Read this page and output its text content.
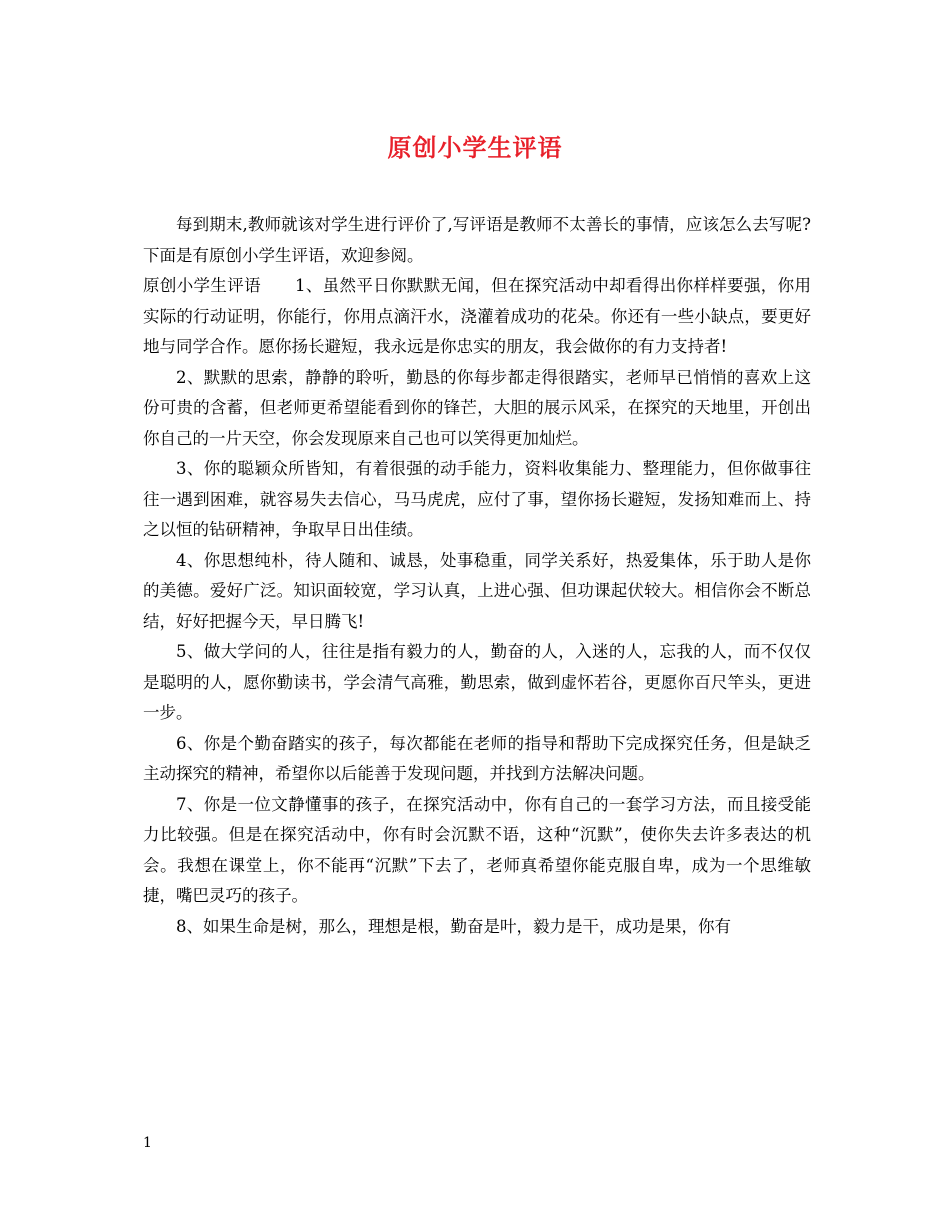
原创小学生评语

每到期末,教师就该对学生进行评价了,写评语是教师不太善长的事情，应该怎么去写呢?下面是有原创小学生评语，欢迎参阅。

原创小学生评语 1、虽然平日你默默无闻，但在探究活动中却看得出你样样要强，你用实际的行动证明，你能行，你用点滴汗水，浇灌着成功的花朵。你还有一些小缺点，要更好地与同学合作。愿你扬长避短，我永远是你忠实的朋友，我会做你的有力支持者!

2、默默的思索，静静的聆听，勤恳的你每步都走得很踏实，老师早已悄悄的喜欢上这份可贵的含蓄，但老师更希望能看到你的锋芒，大胆的展示风采，在探究的天地里，开创出你自己的一片天空，你会发现原来自己也可以笑得更加灿烂。

3、你的聪颖众所皆知，有着很强的动手能力，资料收集能力、整理能力，但你做事往往一遇到困难，就容易失去信心，马马虎虎，应付了事，望你扬长避短，发扬知难而上、持之以恒的钻研精神，争取早日出佳绩。

4、你思想纯朴，待人随和、诚恳，处事稳重，同学关系好，热爱集体，乐于助人是你的美德。爱好广泛。知识面较宽，学习认真，上进心强、但功课起伏较大。相信你会不断总结，好好把握今天，早日腾飞!

5、做大学问的人，往往是指有毅力的人，勤奋的人，入迷的人，忘我的人，而不仅仅是聪明的人，愿你勤读书，学会清气高雅，勤思索，做到虚怀若谷，更愿你百尺竿头，更进一步。

6、你是个勤奋踏实的孩子，每次都能在老师的指导和帮助下完成探究任务，但是缺乏主动探究的精神，希望你以后能善于发现问题，并找到方法解决问题。

7、你是一位文静懂事的孩子，在探究活动中，你有自己的一套学习方法，而且接受能力比较强。但是在探究活动中，你有时会沉默不语，这种“沉默”，使你失去许多表达的机会。我想在课堂上，你不能再“沉默”下去了，老师真希望你能克服自卑，成为一个思维敏捷，嘴巴灵巧的孩子。

8、如果生命是树，那么，理想是根，勤奋是叶，毅力是干，成功是果，你有

1
